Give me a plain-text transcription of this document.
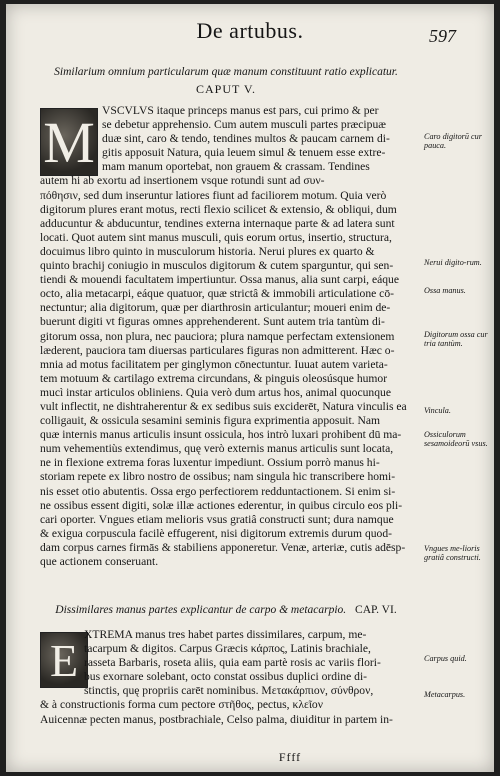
De artubus.	597
Similarium omnium particularum quæ manum constituunt ratio explicatur.
CAPUT V.
M VSCVLVS itaque princeps manus est pars, cui primo & per
se debetur apprehensio. Cum autem musculi partes præcipuæ
duæ sint, caro & tendo, tendines multos & paucam carnem di-
gitis apposuit Natura, quia leuem simul & tenuem esse extre-
mam manum oportebat, non grauem & crassam. Tendines
autem hi ab exortu ad insertionem vsque rotundi sunt ad συν-
πόθησιν, sed dum inseruntur latiores fiunt ad faciliorem motum. Quia verò
digitorum plures erant motus, recti flexio scilicet & extensio, & obliqui, dum
adducuntur & abducuntur, tendines externa internaque parte & ad latera sunt
locati. Quot autem sint manus musculi, quis eorum ortus, insertio, structura,
docuimus libro quinto in musculorum historia. Nerui plures ex quarto &
quinto brachij coniugio in musculos digitorum & cutem sparguntur, qui sen-
tiendi & mouendi facultatem impertiuntur. Ossa manus, alia sunt carpi, eáque
octo, alia metacarpi, eáque quatuor, quæ strictâ & immobili articulatione cō-
nectuntur; alia digitorum, quæ per diarthrosin articulantur; moueri enim de-
buerunt digiti vt figuras omnes apprehenderent. Sunt autem tria tantùm di-
gitorum ossa, non plura, nec pauciora; plura namque perfectam extensionem
læderent, pauciora tam diuersas particulares figuras non admitterent. Hæc o-
mnia ad motus facilitatem per ginglymon cōnectuntur. Iuuat autem varieta-
tem motuum & cartilago extrema circundans, & pinguis oleosúsque humor
mucì instar articulos obliniens. Quia verò dum artus hos, animal quocunque
vult inflectit, ne dishtraherentur & ex sedibus suis exciderēt, Natura vinculis ea
colligauit, & ossicula sesamini seminis figura exprimentia apposuit. Nam
quæ internis manus articulis insunt ossicula, hos intrò luxari prohibent dū ma-
num vehementiùs extendimus, quę verò externis manus articulis sunt locata,
ne in flexione extrema foras luxentur impediunt. Ossium porrò manus hi-
storiam repete ex libro nostro de ossibus; nam singula hic transcribere homi-
nis esset otio abutentis. Ossa ergo perfectiorem redduntactionem. Si enim si-
ne ossibus essent digiti, solæ illæ actiones ederentur, in quibus circulo eos pli-
cari oporter. Vngues etiam melioris vsus gratiâ constructi sunt; dura namque
& exigua corpuscula facilè effugerent, nisi digitorum extremis durum quod-
dam corpus carnes firmās & stabiliens apponeretur. Venæ, arteriæ, cutis adēsp-
que actionem conseruant.
Dissimilares manus partes explicantur de carpo & metacarpio. CAP. VI.
E XTREMA manus tres habet partes dissimilares, carpum, me-
tacarpum & digitos. Carpus Græcis κάρπος, Latinis brachiale,
rasseta Barbaris, roseta aliis, quia eam partè rosis ac variis flori-
bus exornare solebant, octo constat ossibus duplici ordine di-
stinctis, quę propriis carēt nominibus. Μετακάρπιον, σύνθρον,
& à constructionis forma cum pectore στῆθος, pectus, κλεῖον
Auicennæ pecten manus, postbrachiale, Celso palma, diuiditur in partem in-
Caro digitorū cur pauca.
Nerui digito-rum.
Ossa manus.
Digitorum ossa cur tria tantùm.
Vincula.
Ossiculorum sesamoideorū vsus.
Vngues me-lioris gratiâ constructi.
Carpus quid.
Metacarpus.
Ffff
